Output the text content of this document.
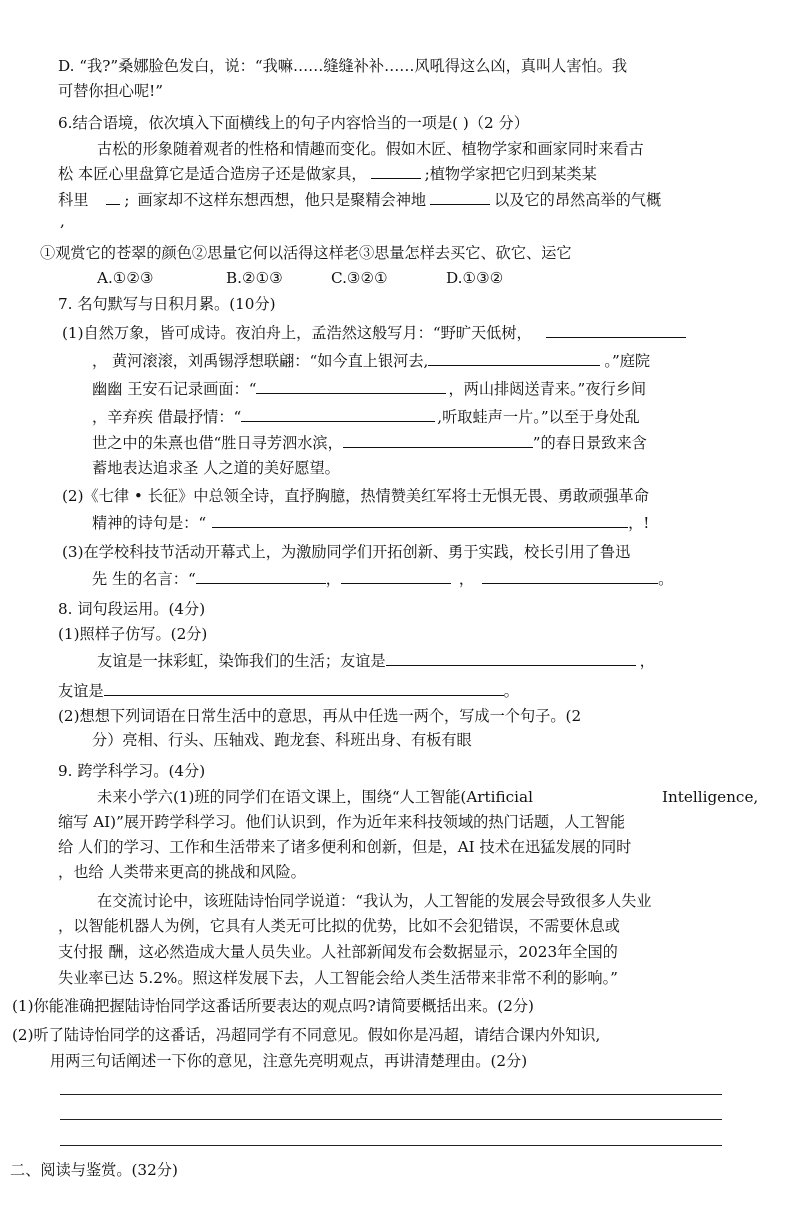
D. “我?”桑娜脸色发白，说：“我嘛……缝缝补补……风吼得这么凶，真叫人害怕。我
可替你担心呢!”
6.结合语境，依次填入下面横线上的句子内容恰当的一项是( )（2 分）
古松的形象随着观者的性格和情趣而变化。假如木匠、植物学家和画家同时来看古
松 本匠心里盘算它是适合造房子还是做家具，	;植物学家把它归到某类某
科里 ; 画家却不这样东想西想，他只是聚精会神地	以及它的昂然高举的气概
,
①观赏它的苍翠的颜色②思量它何以活得这样老③思量怎样去买它、砍它、运它
A.①②③	B.②①③	C.③②①	D.①③②
7. 名句默写与日积月累。(10分)
(1)自然万象，皆可成诗。夜泊舟上，孟浩然这般写月：“野旷天低树，
， 黄河滚滚，刘禹锡浮想联翩：“如今直上银河去,	。”庭院
幽幽 王安石记录画面：“	，两山排闼送青来。”夜行乡间
，辛弃疾 借最抒情：“	,听取蛙声一片。”以至于身处乱
世之中的朱熹也借“胜日寻芳泗水滨，	”的春日景致来含
蓄地表达追求圣 人之道的美好愿望。
(2)《七律 • 长征》中总领全诗，直抒胸臆，热情赞美红军将士无惧无畏、勇敢顽强革命
精神的诗句是：“	，!
(3)在学校科技节活动开幕式上，为激励同学们开拓创新、勇于实践，校长引用了鲁迅
先 生的名言：“	，	，	。
8. 词句段运用。(4分)
(1)照样子仿写。(2分)
友谊是一抹彩虹，染饰我们的生活；友谊是	，
友谊是	。
(2)想想下列词语在日常生活中的意思，再从中任选一两个，写成一个句子。(2
分）亮相、行头、压轴戏、跑龙套、科班出身、有板有眼
9. 跨学科学习。(4分)
未来小学六(1)班的同学们在语文课上，围绕“人工智能(Artificial	Intelligence,
缩写 AI)”展开跨学科学习。他们认识到，作为近年来科技领域的热门话题，人工智能
给 人们的学习、工作和生活带来了诸多便利和创新，但是，AI 技术在迅猛发展的同时
，也给 人类带来更高的挑战和风险。
在交流讨论中，该班陆诗怡同学说道：“我认为，人工智能的发展会导致很多人失业
，以智能机器人为例，它具有人类无可比拟的优势，比如不会犯错误，不需要休息或
支付报 酬，这必然造成大量人员失业。人社部新闻发布会数据显示，2023年全国的
失业率已达 5.2%。照这样发展下去，人工智能会给人类生活带来非常不利的影响。”
(1)你能准确把握陆诗怡同学这番话所要表达的观点吗?请简要概括出来。(2分)
(2)听了陆诗怡同学的这番话，冯超同学有不同意见。假如你是冯超，请结合课内外知识,
用两三句话阐述一下你的意见，注意先亮明观点，再讲清楚理由。(2分)
二、阅读与鉴赏。(32分)
